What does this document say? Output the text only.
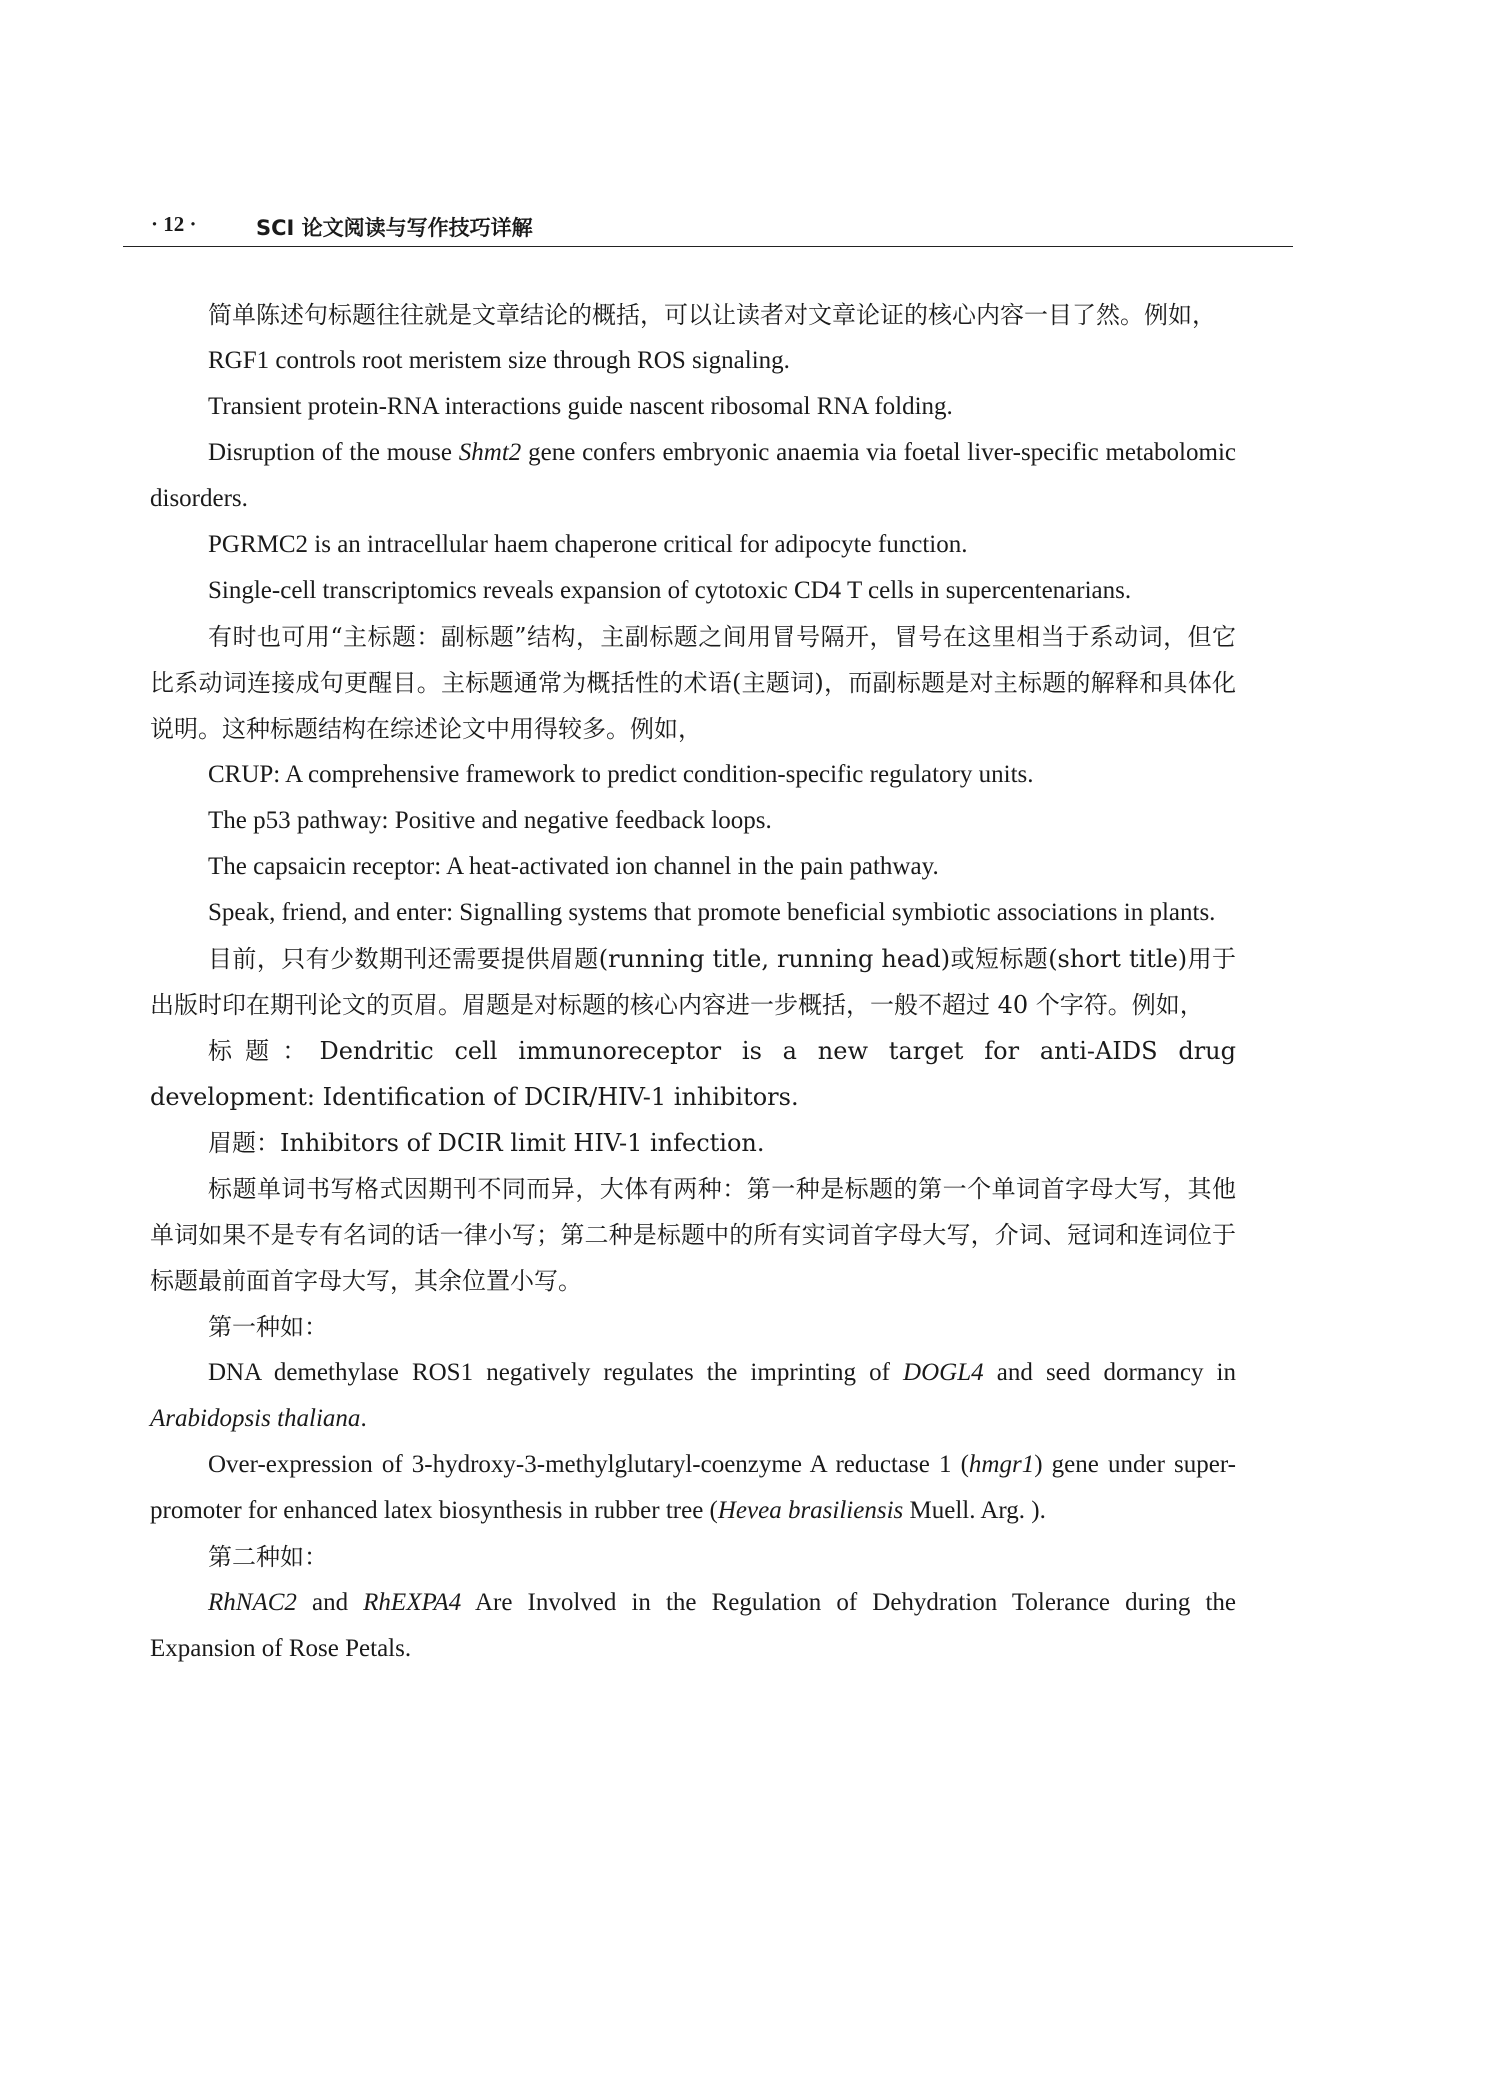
· 12 ·	SCI 论文阅读与写作技巧详解

简单陈述句标题往往就是文章结论的概括，可以让读者对文章论证的核心内容一目了然。例如，

RGF1 controls root meristem size through ROS signaling.

Transient protein-RNA interactions guide nascent ribosomal RNA folding.

Disruption of the mouse Shmt2 gene confers embryonic anaemia via foetal liver-specific metabolomic disorders.

PGRMC2 is an intracellular haem chaperone critical for adipocyte function.

Single-cell transcriptomics reveals expansion of cytotoxic CD4 T cells in supercentenarians.

有时也可用“主标题：副标题”结构，主副标题之间用冒号隔开，冒号在这里相当于系动词，但它比系动词连接成句更醒目。主标题通常为概括性的术语(主题词)，而副标题是对主标题的解释和具体化说明。这种标题结构在综述论文中用得较多。例如，

CRUP: A comprehensive framework to predict condition-specific regulatory units.

The p53 pathway: Positive and negative feedback loops.

The capsaicin receptor: A heat-activated ion channel in the pain pathway.

Speak, friend, and enter: Signalling systems that promote beneficial symbiotic associations in plants.

目前，只有少数期刊还需要提供眉题(running title, running head)或短标题(short title)用于出版时印在期刊论文的页眉。眉题是对标题的核心内容进一步概括，一般不超过 40 个字符。例如，

标题：Dendritic cell immunoreceptor is a new target for anti-AIDS drug development: Identification of DCIR/HIV-1 inhibitors.

眉题：Inhibitors of DCIR limit HIV-1 infection.

标题单词书写格式因期刊不同而异，大体有两种：第一种是标题的第一个单词首字母大写，其他单词如果不是专有名词的话一律小写；第二种是标题中的所有实词首字母大写，介词、冠词和连词位于标题最前面首字母大写，其余位置小写。

第一种如：

DNA demethylase ROS1 negatively regulates the imprinting of DOGL4 and seed dormancy in Arabidopsis thaliana.

Over-expression of 3-hydroxy-3-methylglutaryl-coenzyme A reductase 1 (hmgr1) gene under super-promoter for enhanced latex biosynthesis in rubber tree (Hevea brasiliensis Muell. Arg. ).

第二种如：

RhNAC2 and RhEXPA4 Are Involved in the Regulation of Dehydration Tolerance during the Expansion of Rose Petals.
